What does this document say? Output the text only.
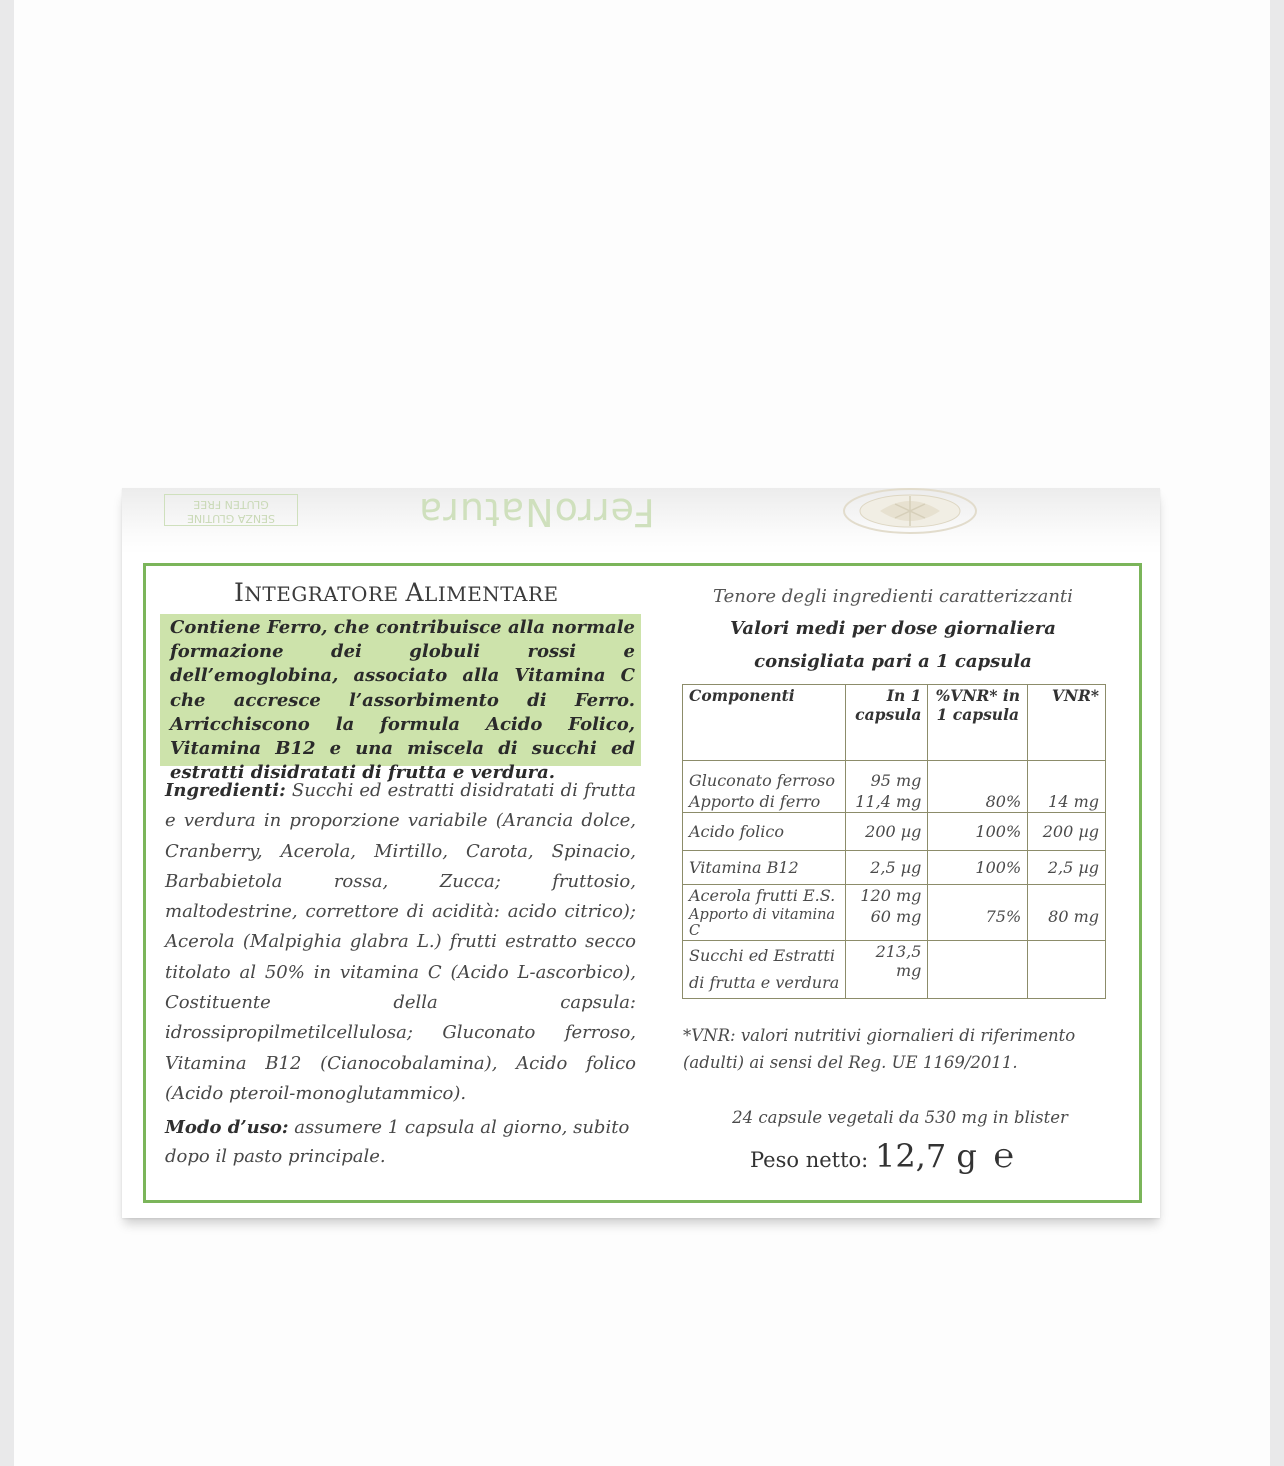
FerroNatura
SENZA GLUTINE
GLUTEN FREE
INTEGRATORE ALIMENTARE
Contiene Ferro, che contribuisce alla normale formazione dei globuli rossi e dell’emoglobina, associato alla Vitamina C che accresce l’assorbimento di Ferro. Arricchiscono la formula Acido Folico, Vitamina B12 e una miscela di succhi ed estratti disidratati di frutta e verdura.
Ingredienti: Succhi ed estratti disidratati di frutta e verdura in proporzione variabile (Arancia dolce, Cranberry, Acerola, Mirtillo, Carota, Spinacio, Barbabietola rossa, Zucca; fruttosio, maltodestrine, correttore di acidità: acido citrico); Acerola (Malpighia glabra L.) frutti estratto secco titolato al 50% in vitamina C (Acido L-ascorbico), Costituente della capsula: idrossipropilmetilcellulosa; Gluconato ferroso, Vitamina B12 (Cianocobalamina), Acido folico (Acido pteroil-monoglutammico).
Modo d’uso: assumere 1 capsula al giorno, subito dopo il pasto principale.
Tenore degli ingredienti caratterizzanti
Valori medi per dose giornaliera
consigliata pari a 1 capsula
Componenti	In 1 capsula	%VNR* in 1 capsula	VNR*
Gluconato ferroso	95 mg		
Apporto di ferro	11,4 mg	80%	14 mg
Acido folico	200 µg	100%	200 µg
Vitamina B12	2,5 µg	100%	2,5 µg
Acerola frutti E.S.	120 mg		
Apporto di vitamina C	60 mg	75%	80 mg
Succhi ed Estratti di frutta e verdura	213,5 mg		
*VNR: valori nutritivi giornalieri di riferimento (adulti) ai sensi del Reg. UE 1169/2011.
24 capsule vegetali da 530 mg in blister
Peso netto: 12,7 g ℮
